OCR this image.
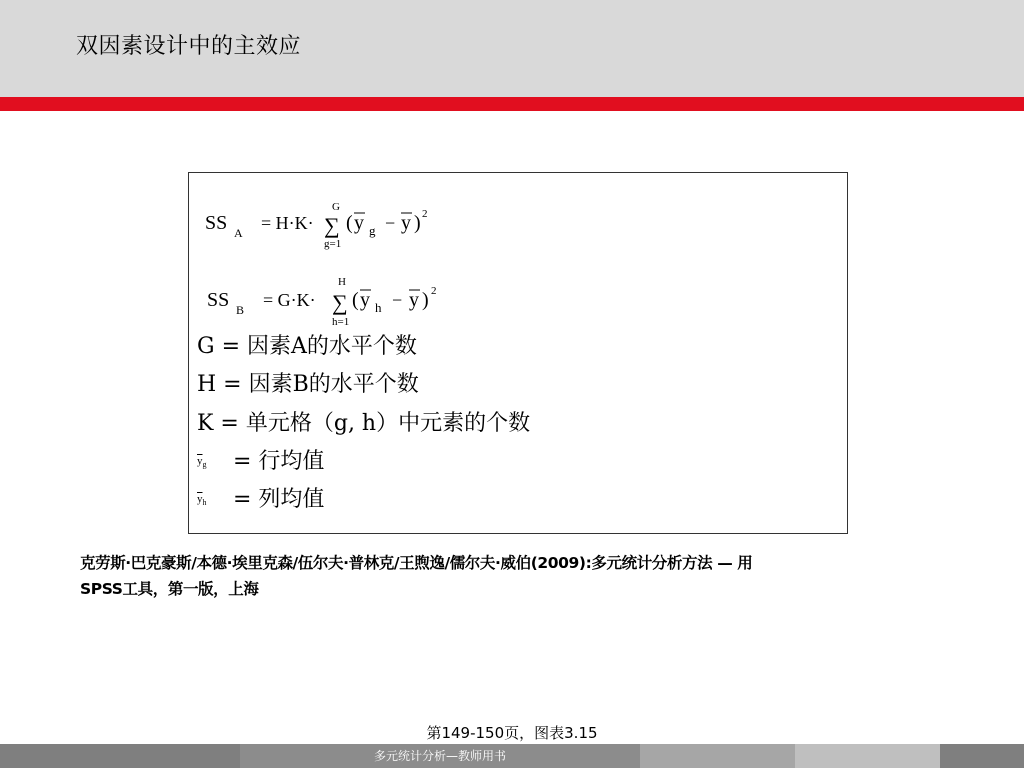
双因素设计中的主效应
SS A = H·K·
G
∑
g=1
( y g − y ) 2
SS B = G·K·
H
∑
h=1
( y h − y ) 2
G = 因素A的水平个数
H = 因素B的水平个数
K = 单元格（g, h）中元素的个数
$\overline{y}_g$ = 行均值
$\overline{y}_h$ = 列均值
克劳斯·巴克豪斯/本德·埃里克森/伍尔夫·普林克/王煦逸/儒尔夫·威伯(2009):多元统计分析方法 — 用
SPSS工具，第一版，上海
第149-150页，图表3.15
多元统计分析—教师用书
